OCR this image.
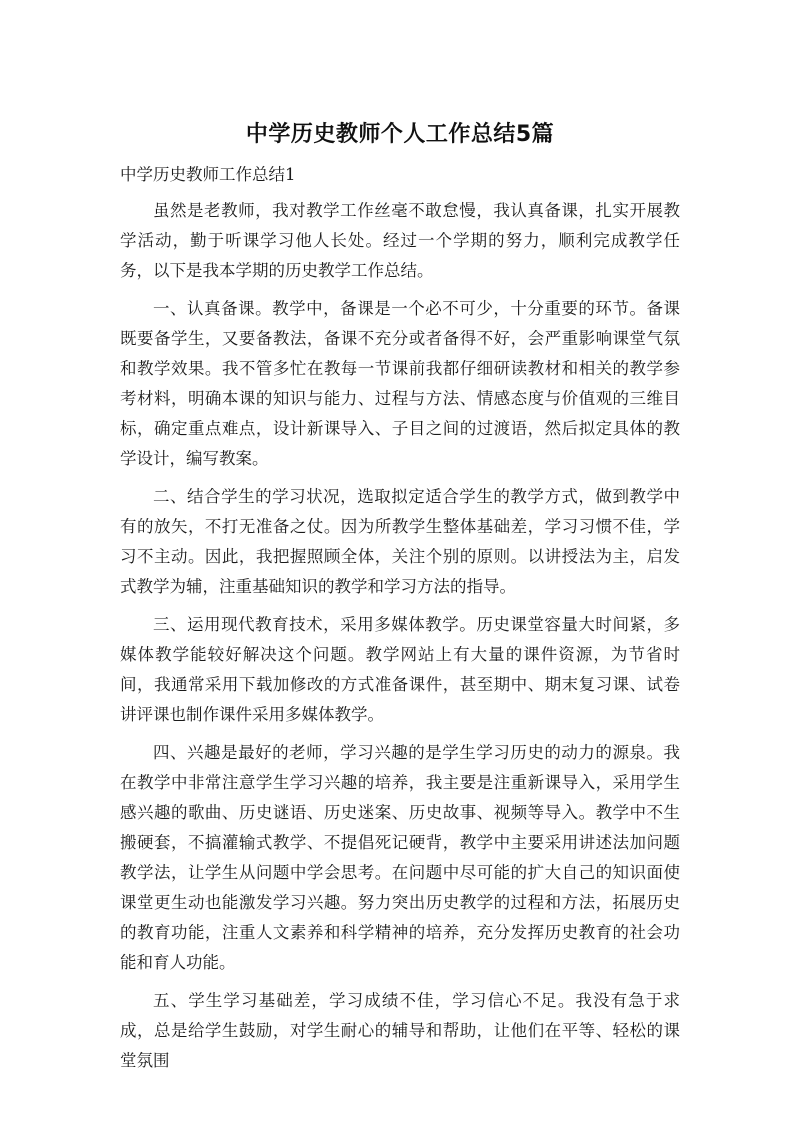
中学历史教师个人工作总结5篇

中学历史教师工作总结1

虽然是老教师，我对教学工作丝毫不敢怠慢，我认真备课，扎实开展教学活动，勤于听课学习他人长处。经过一个学期的努力，顺利完成教学任务，以下是我本学期的历史教学工作总结。

一、认真备课。教学中，备课是一个必不可少，十分重要的环节。备课既要备学生，又要备教法，备课不充分或者备得不好，会严重影响课堂气氛和教学效果。我不管多忙在教每一节课前我都仔细研读教材和相关的教学参考材料，明确本课的知识与能力、过程与方法、情感态度与价值观的三维目标，确定重点难点，设计新课导入、子目之间的过渡语，然后拟定具体的教学设计，编写教案。

二、结合学生的学习状况，选取拟定适合学生的教学方式，做到教学中有的放矢，不打无准备之仗。因为所教学生整体基础差，学习习惯不佳，学习不主动。因此，我把握照顾全体，关注个别的原则。以讲授法为主，启发式教学为辅，注重基础知识的教学和学习方法的指导。

三、运用现代教育技术，采用多媒体教学。历史课堂容量大时间紧，多媒体教学能较好解决这个问题。教学网站上有大量的课件资源，为节省时间，我通常采用下载加修改的方式准备课件，甚至期中、期末复习课、试卷讲评课也制作课件采用多媒体教学。

四、兴趣是最好的老师，学习兴趣的是学生学习历史的动力的源泉。我在教学中非常注意学生学习兴趣的培养，我主要是注重新课导入，采用学生感兴趣的歌曲、历史谜语、历史迷案、历史故事、视频等导入。教学中不生搬硬套，不搞灌输式教学、不提倡死记硬背，教学中主要采用讲述法加问题教学法，让学生从问题中学会思考。在问题中尽可能的扩大自己的知识面使课堂更生动也能激发学习兴趣。努力突出历史教学的过程和方法，拓展历史的教育功能，注重人文素养和科学精神的培养，充分发挥历史教育的社会功能和育人功能。

五、学生学习基础差，学习成绩不佳，学习信心不足。我没有急于求成，总是给学生鼓励，对学生耐心的辅导和帮助，让他们在平等、轻松的课堂氛围
